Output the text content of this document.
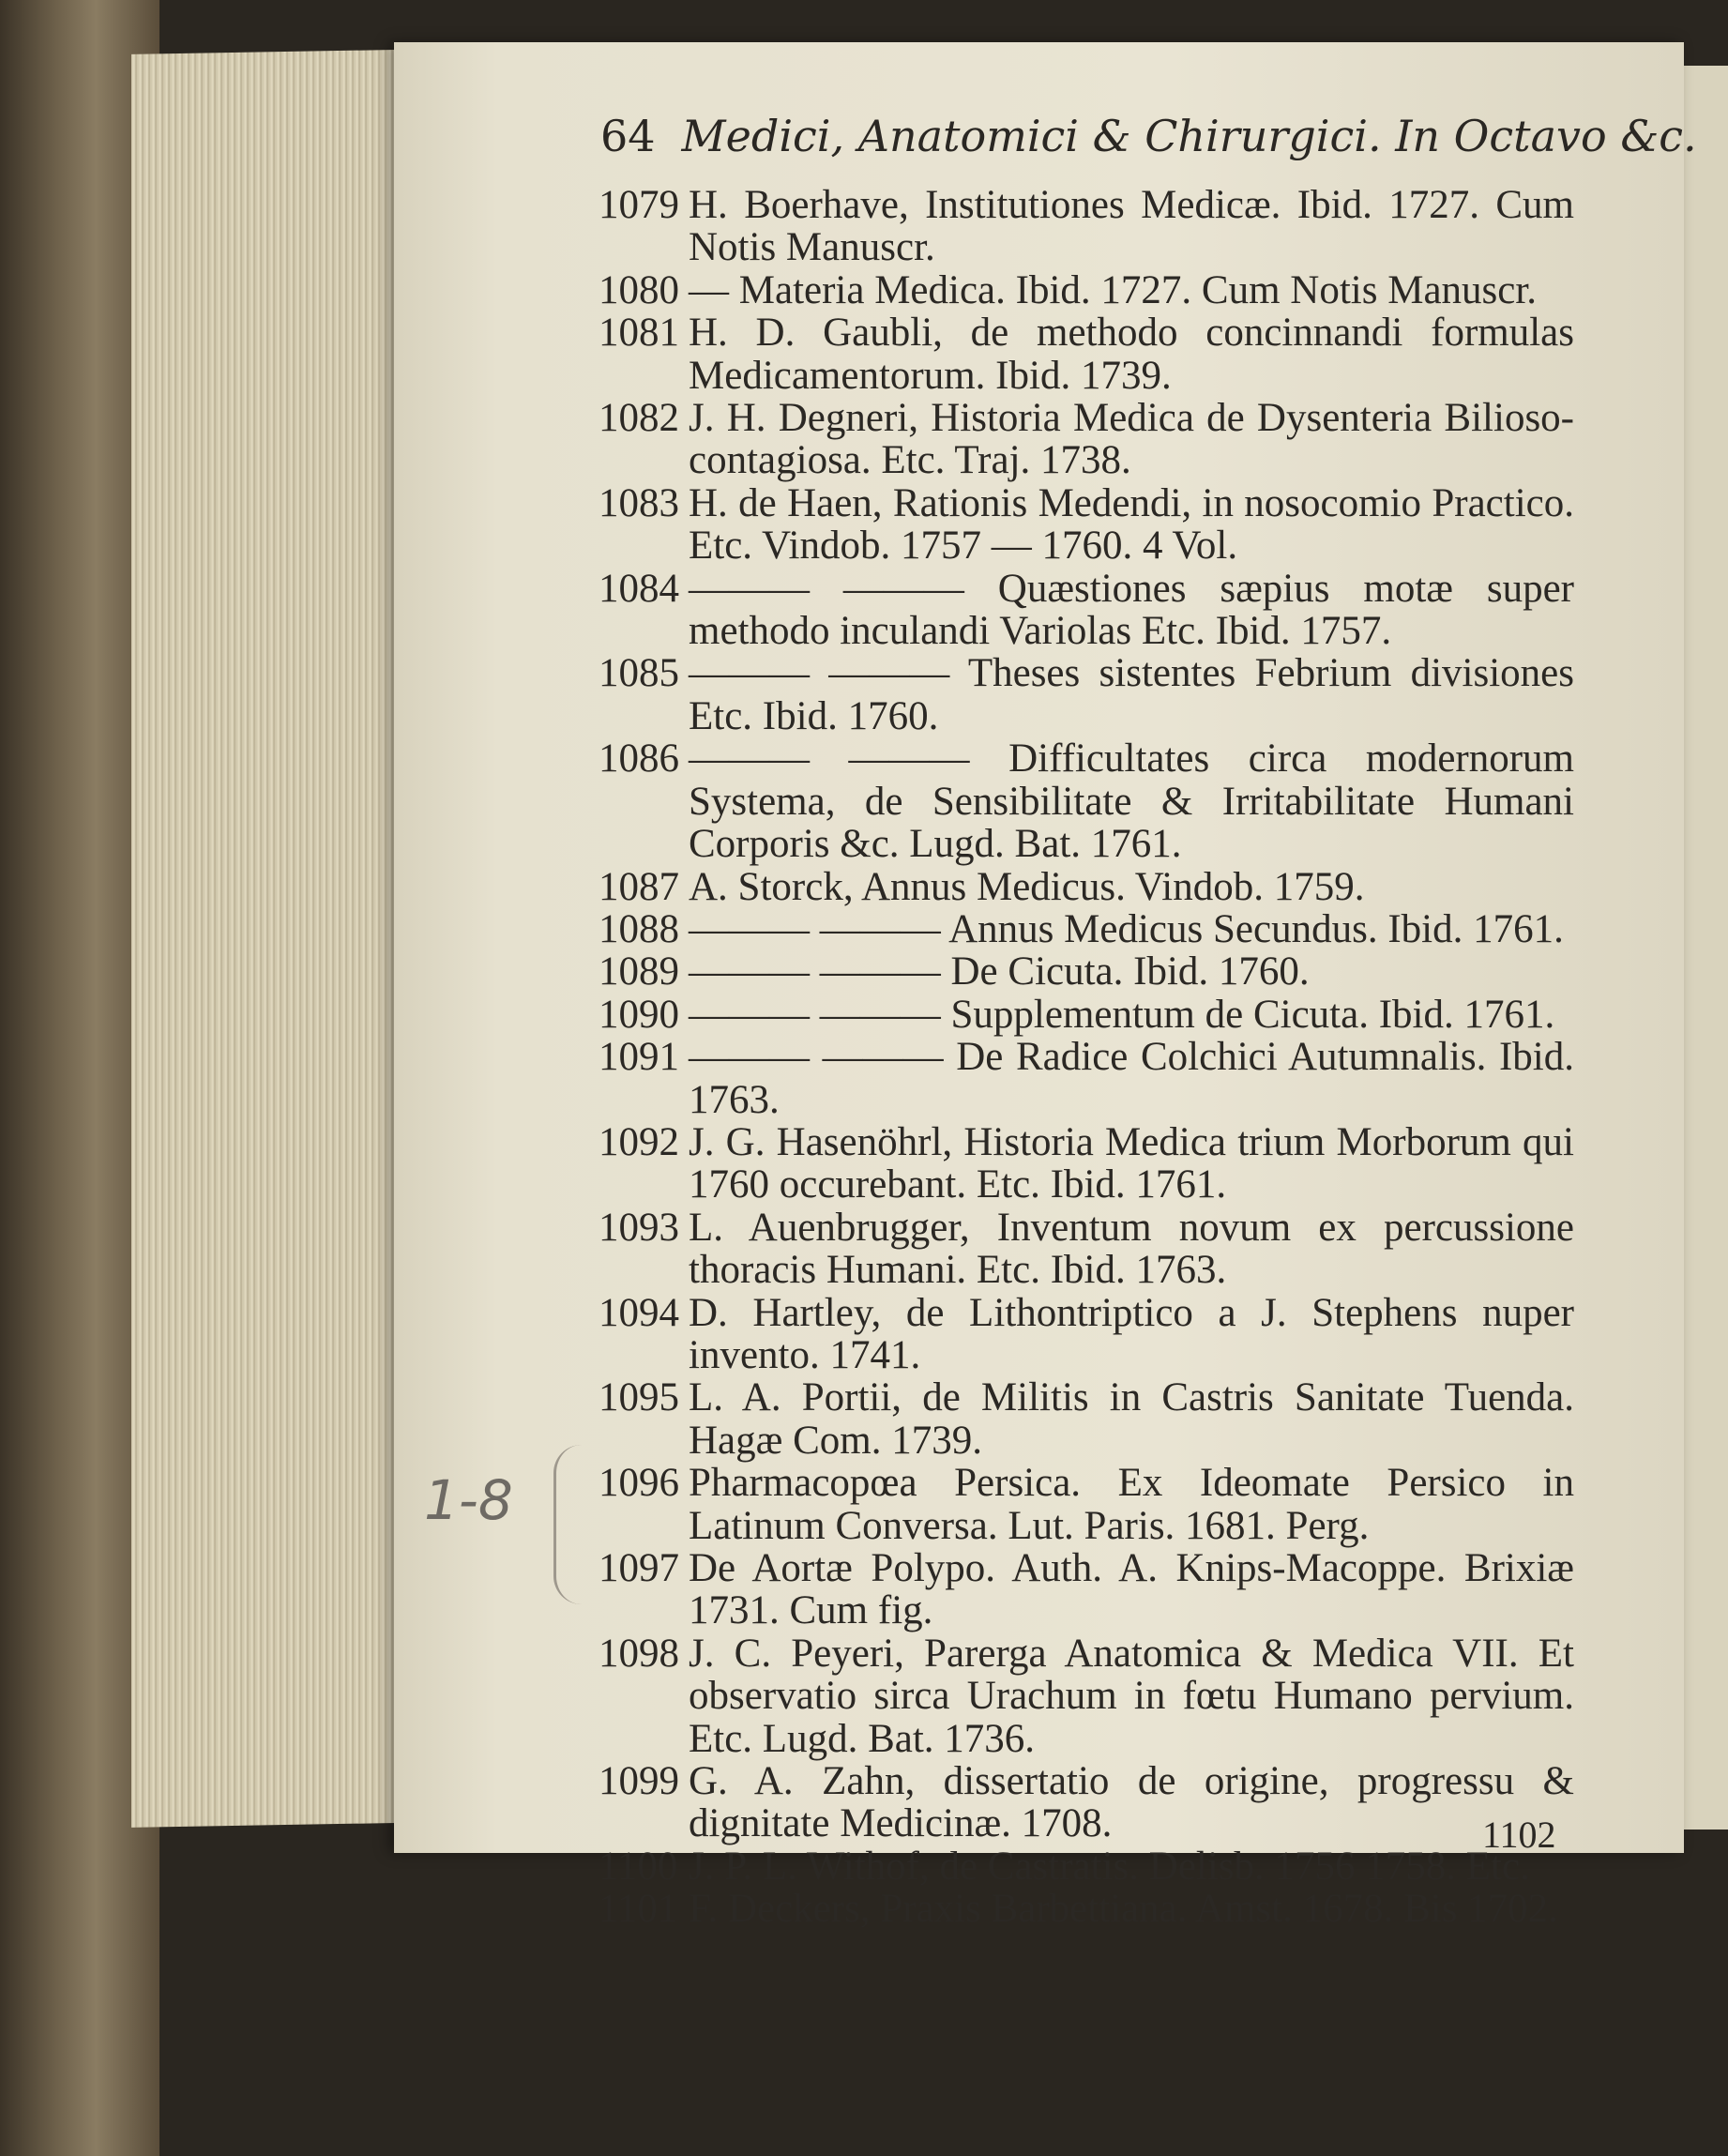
64 Medici, Anatomici & Chirurgici. In Octavo &c.
1079 H. Boerhave, Institutiones Medicæ. Ibid. 1727. Cum Notis Manuscr.
1080 — Materia Medica. Ibid. 1727. Cum Notis Manuscr.
1081 H. D. Gaubli, de methodo concinnandi formulas Medicamentorum. Ibid. 1739.
1082 J. H. Degneri, Historia Medica de Dysenteria Bilioso-contagiosa. Etc. Traj. 1738.
1083 H. de Haen, Rationis Medendi, in nosocomio Practico. Etc. Vindob. 1757 — 1760. 4 Vol.
1084 ——— ——— Quæstiones sæpius motæ super methodo inculandi Variolas Etc. Ibid. 1757.
1085 ——— ——— Theses sistentes Febrium divisiones Etc. Ibid. 1760.
1086 ——— ——— Difficultates circa modernorum Systema, de Sensibilitate & Irritabilitate Humani Corporis &c. Lugd. Bat. 1761.
1087 A. Storck, Annus Medicus. Vindob. 1759.
1088 ——— ——— Annus Medicus Secundus. Ibid. 1761.
1089 ——— ——— De Cicuta. Ibid. 1760.
1090 ——— ——— Supplementum de Cicuta. Ibid. 1761.
1091 ——— ——— De Radice Colchici Autumnalis. Ibid. 1763.
1092 J. G. Hasenöhrl, Historia Medica trium Morborum qui 1760 occurebant. Etc. Ibid. 1761.
1093 L. Auenbrugger, Inventum novum ex percussione thoracis Humani. Etc. Ibid. 1763.
1094 D. Hartley, de Lithontriptico a J. Stephens nuper invento. 1741.
1095 L. A. Portii, de Militis in Castris Sanitate Tuenda. Hagæ Com. 1739.
1096 Pharmacopœa Persica. Ex Ideomate Persico in Latinum Conversa. Lut. Paris. 1681. Perg.
1097 De Aortæ Polypo. Auth. A. Knips-Macoppe. Brixiæ 1731. Cum fig.
1098 J. C. Peyeri, Parerga Anatomica & Medica VII. Et observatio sirca Urachum in fœtu Humano pervium. Etc. Lugd. Bat. 1736.
1099 G. A. Zahn, dissertatio de origine, progressu & dignitate Medicinæ. 1708.
1100 J. P. L. Withof, de Castratis. Delisb. 1756 1758. Etc.
1101 F. Deckers, Praxis Barbettiana. Amst. 1678. Bis 1702.
1-8
1102
